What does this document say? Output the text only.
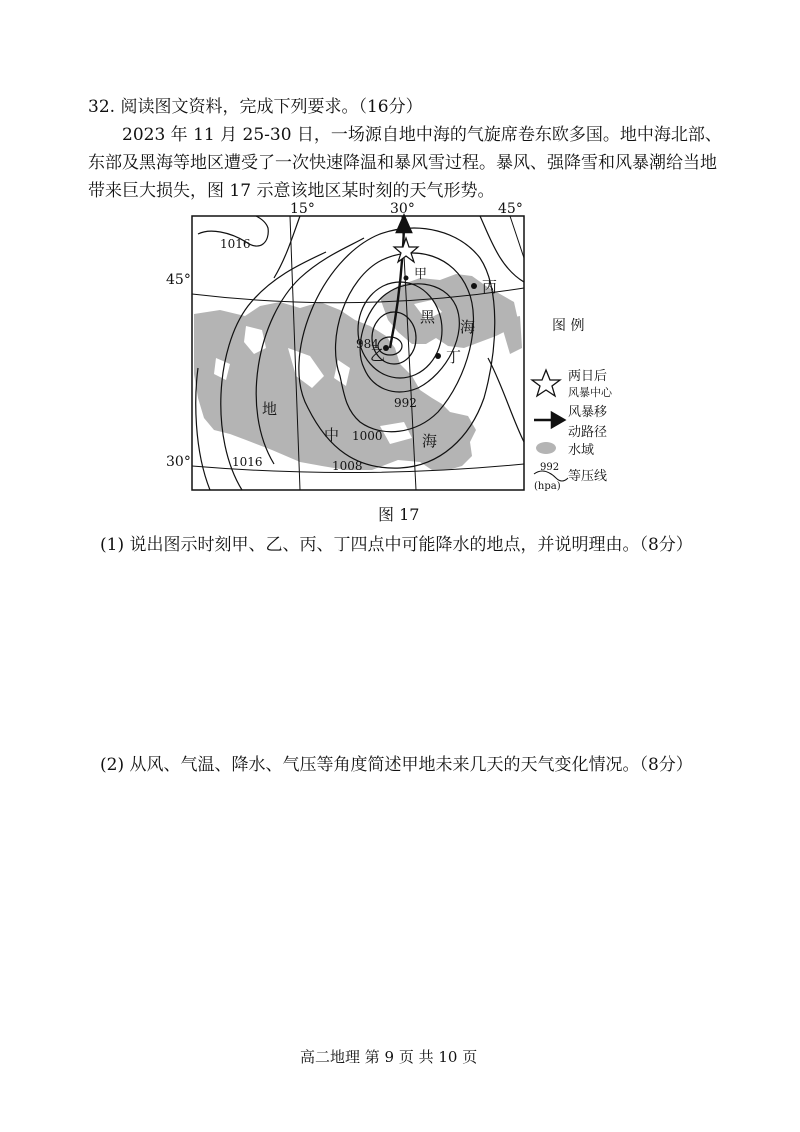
32. 阅读图文资料，完成下列要求。（16分）
2023 年 11 月 25-30 日，一场源自地中海的气旋席卷东欧多国。地中海北部、
东部及黑海等地区遭受了一次快速降温和暴风雪过程。暴风、强降雪和风暴潮给当地
带来巨大损失，图 17 示意该地区某时刻的天气形势。
15°	30°	45°
45°
30°
1016
984
992
1000
1008
1016
甲
乙
丙
丁
黑
海
地
中	海
图 例
两日后
风暴中心
风暴移
动路径
水域
992
(hpa)
等压线
图 17
(1) 说出图示时刻甲、乙、丙、丁四点中可能降水的地点，并说明理由。（8分）
(2) 从风、气温、降水、气压等角度简述甲地未来几天的天气变化情况。（8分）
高二地理 第 9 页 共 10 页
